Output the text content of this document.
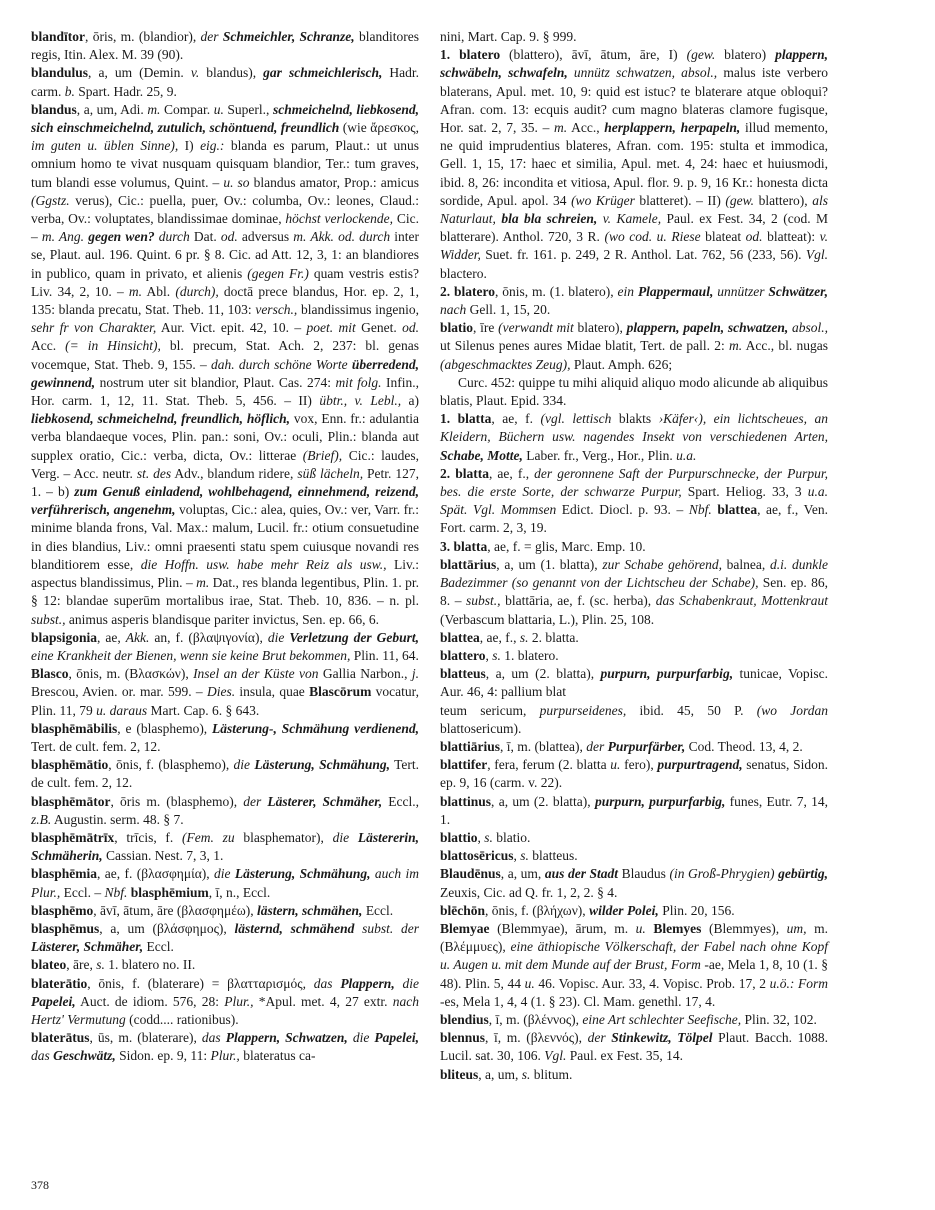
blandītor, ōris, m. (blandior), der Schmeichler, Schranze, blanditores regis, Itin. Alex. M. 39 (90).

blandulus, a, um (Demin. v. blandus), gar schmeichlerisch, Hadr. carm. b. Spart. Hadr. 25, 9.

blandus, a, um, Adi. m. Compar. u. Superl., schmeichelnd, liebkosend, sich einschmeichelnd, zutulich, schöntuend, freundlich (wie ἄρεσκος, im guten u. üblen Sinne), I) eig.: blanda es parum, Plaut.: ut unus omnium homo te vivat nusquam quisquam blandior, Ter.: tum graves, tum blandi esse volumus, Quint. – u. so blandus amator, Prop.: amicus (Ggstz. verus), Cic.: puella, puer, Ov.: columba, Ov.: leones, Claud.: verba, Ov.: voluptates, blandissimae dominae, höchst verlockende, Cic. – m. Ang. gegen wen? durch Dat. od. adversus m. Akk. od. durch inter se, Plaut. aul. 196. Quint. 6 pr. § 8. Cic. ad Att. 12, 3, 1: an blandiores in publico, quam in privato, et alienis (gegen Fr.) quam vestris estis? Liv. 34, 2, 10. – m. Abl. (durch), doctā prece blandus, Hor. ep. 2, 1, 135: blanda precatu, Stat. Theb. 11, 103: versch., blandissimus ingenio, sehr fr von Charakter, Aur. Vict. epit. 42, 10. – poet. mit Genet. od. Acc. (= in Hinsicht), bl. precum, Stat. Ach. 2, 237: bl. genas vocemque, Stat. Theb. 9, 155. – dah. durch schöne Worte überredend, gewinnend, nostrum uter sit blandior, Plaut. Cas. 274: mit folg. Infin., Hor. carm. 1, 12, 11. Stat. Theb. 5, 456. – II) übtr., v. Lebl., a) liebkosend, schmeichelnd, freundlich, höflich, vox, Enn. fr.: adulantia verba blandaeque voces, Plin. pan.: soni, Ov.: oculi, Plin.: blanda aut supplex oratio, Cic.: verba, dicta, Ov.: litterae (Brief), Cic.: laudes, Verg. – Acc. neutr. st. des Adv., blandum ridere, süß lächeln, Petr. 127, 1. – b) zum Genuß einladend, wohlbehagend, einnehmend, reizend, verführerisch, angenehm, voluptas, Cic.: alea, quies, Ov.: ver, Varr. fr.: minime blanda frons, Val. Max.: malum, Lucil. fr.: otium consuetudine in dies blandius, Liv.: omni praesenti statu spem cuiusque novandi res blanditiorem esse, die Hoffn. usw. habe mehr Reiz als usw., Liv.: aspectus blandissimus, Plin. – m. Dat., res blanda legentibus, Plin. 1. pr. § 12: blandae superūm mortalibus irae, Stat. Theb. 10, 836. – n. pl. subst., animus asperis blandisque pariter invictus, Sen. ep. 66, 6.

blapsigonia, ae, Akk. an, f. (βλαψιγονία), die Verletzung der Geburt, eine Krankheit der Bienen, wenn sie keine Brut bekommen, Plin. 11, 64.

Blasco, ōnis, m. (Βλασκών), Insel an der Küste von Gallia Narbon., j. Brescou, Avien. or. mar. 599. – Dies. insula, quae Blascōrum vocatur, Plin. 11, 79 u. daraus Mart. Cap. 6. § 643.

blasphēmābilis, e (blasphemo), Lästerung-, Schmähung verdienend, Tert. de cult. fem. 2, 12.

blasphēmātio, ōnis, f. (blasphemo), die Lästerung, Schmähung, Tert. de cult. fem. 2, 12.

blasphēmātor, ōris m. (blasphemo), der Lästerer, Schmäher, Eccl., z.B. Augustin. serm. 48. § 7.

blasphēmātrīx, trīcis, f. (Fem. zu blasphemator), die Lästererin, Schmäherin, Cassian. Nest. 7, 3, 1.

blasphēmia, ae, f. (βλασφημία), die Lästerung, Schmähung, auch im Plur., Eccl. – Nbf. blasphēmium, ī, n., Eccl.

blasphēmo, āvī, ātum, āre (βλασφημέω), lästern, schmähen, Eccl.

blasphēmus, a, um (βλάσφημος), lästernd, schmähend subst. der Lästerer, Schmäher, Eccl.

blateo, āre, s. 1. blatero no. II.

blaterātio, ōnis, f. (blaterare) = βλατταρισμός, das Plappern, die Papelei, Auct. de idiom. 576, 28: Plur., *Apul. met. 4, 27 extr. nach Hertz' Vermutung (codd.... rationibus).

blaterātus, ūs, m. (blaterare), das Plappern, Schwatzen, die Papelei, das Geschwätz, Sidon. ep. 9, 11: Plur., blateratus ca-

nini, Mart. Cap. 9. § 999.

1. blatero (blattero), āvī, ātum, āre, I) (gew. blatero) plappern, schwäbeln, schwafeln, unnütz schwatzen, absol., malus iste verbero blaterans, Apul. met. 10, 9: quid est istuc? te blaterare atque obloqui? Afran. com. 13: ecquis audit? cum magno blateras clamore fugisque, Hor. sat. 2, 7, 35. – m. Acc., herplappern, herpapeln, illud memento, ne quid imprudentius blateres, Afran. com. 195: stulta et immodica, Gell. 1, 15, 17: haec et similia, Apul. met. 4, 24: haec et huiusmodi, ibid. 8, 26: incondita et vitiosa, Apul. flor. 9. p. 9, 16 Kr.: honesta dicta sordide, Apul. apol. 34 (wo Krüger blatteret). – II) (gew. blattero), als Naturlaut, bla bla schreien, v. Kamele, Paul. ex Fest. 34, 2 (cod. M blatterare). Anthol. 720, 3 R. (wo cod. u. Riese blateat od. blatteat): v. Widder, Suet. fr. 161. p. 249, 2 R. Anthol. Lat. 762, 56 (233, 56). Vgl. blactero.

2. blatero, ōnis, m. (1. blatero), ein Plappermaul, unnützer Schwätzer, nach Gell. 1, 15, 20.

blatio, īre (verwandt mit blatero), plappern, papeln, schwatzen, absol., ut Silenus penes aures Midae blatit, Tert. de pall. 2: m. Acc., bl. nugas (abgeschmacktes Zeug), Plaut. Amph. 626;

Curc. 452: quippe tu mihi aliquid aliquo modo alicunde ab aliquibus blatis, Plaut. Epid. 334.

1. blatta, ae, f. (vgl. lettisch blakts ›Käfer‹), ein lichtscheues, an Kleidern, Büchern usw. nagendes Insekt von verschiedenen Arten, Schabe, Motte, Laber. fr., Verg., Hor., Plin. u.a.

2. blatta, ae, f., der geronnene Saft der Purpurschnecke, der Purpur, bes. die erste Sorte, der schwarze Purpur, Spart. Heliog. 33, 3 u.a. Spät. Vgl. Mommsen Edict. Diocl. p. 93. – Nbf. blattea, ae, f., Ven. Fort. carm. 2, 3, 19.

3. blatta, ae, f. = glis, Marc. Emp. 10.

blattārius, a, um (1. blatta), zur Schabe gehörend, balnea, d.i. dunkle Badezimmer (so genannt von der Lichtscheu der Schabe), Sen. ep. 86, 8. – subst., blattāria, ae, f. (sc. herba), das Schabenkraut, Mottenkraut (Verbascum blattaria, L.), Plin. 25, 108.

blattea, ae, f., s. 2. blatta.

blattero, s. 1. blatero.

blatteus, a, um (2. blatta), purpurn, purpurfarbig, tunicae, Vopisc. Aur. 46, 4: pallium blat

teum sericum, purpurseidenes, ibid. 45, 50 P. (wo Jordan blattosericum).

blattiārius, ī, m. (blattea), der Purpurfärber, Cod. Theod. 13, 4, 2.

blattifer, fera, ferum (2. blatta u. fero), purpurtragend, senatus, Sidon. ep. 9, 16 (carm. v. 22).

blattinus, a, um (2. blatta), purpurn, purpurfarbig, funes, Eutr. 7, 14, 1.

blattio, s. blatio.

blattosēricus, s. blatteus.

Blaudēnus, a, um, aus der Stadt Blaudus (in Groß-Phrygien) gebürtig, Zeuxis, Cic. ad Q. fr. 1, 2, 2. § 4.

blēchōn, ōnis, f. (βλήχων), wilder Polei, Plin. 20, 156.

Blemyae (Blemmyae), ārum, m. u. Blemyes (Blemmyes), um, m. (Βλέμμυες), eine äthiopische Völkerschaft, der Fabel nach ohne Kopf u. Augen u. mit dem Munde auf der Brust, Form -ae, Mela 1, 8, 10 (1. § 48). Plin. 5, 44 u. 46. Vopisc. Aur. 33, 4. Vopisc. Prob. 17, 2 u.ö.: Form -es, Mela 1, 4, 4 (1. § 23). Cl. Mam. genethl. 17, 4.

blendius, ī, m. (βλέννος), eine Art schlechter Seefische, Plin. 32, 102.

blennus, ī, m. (βλεννός), der Stinkewitz, Tölpel Plaut. Bacch. 1088. Lucil. sat. 30, 106. Vgl. Paul. ex Fest. 35, 14.

bliteus, a, um, s. blitum.

378
